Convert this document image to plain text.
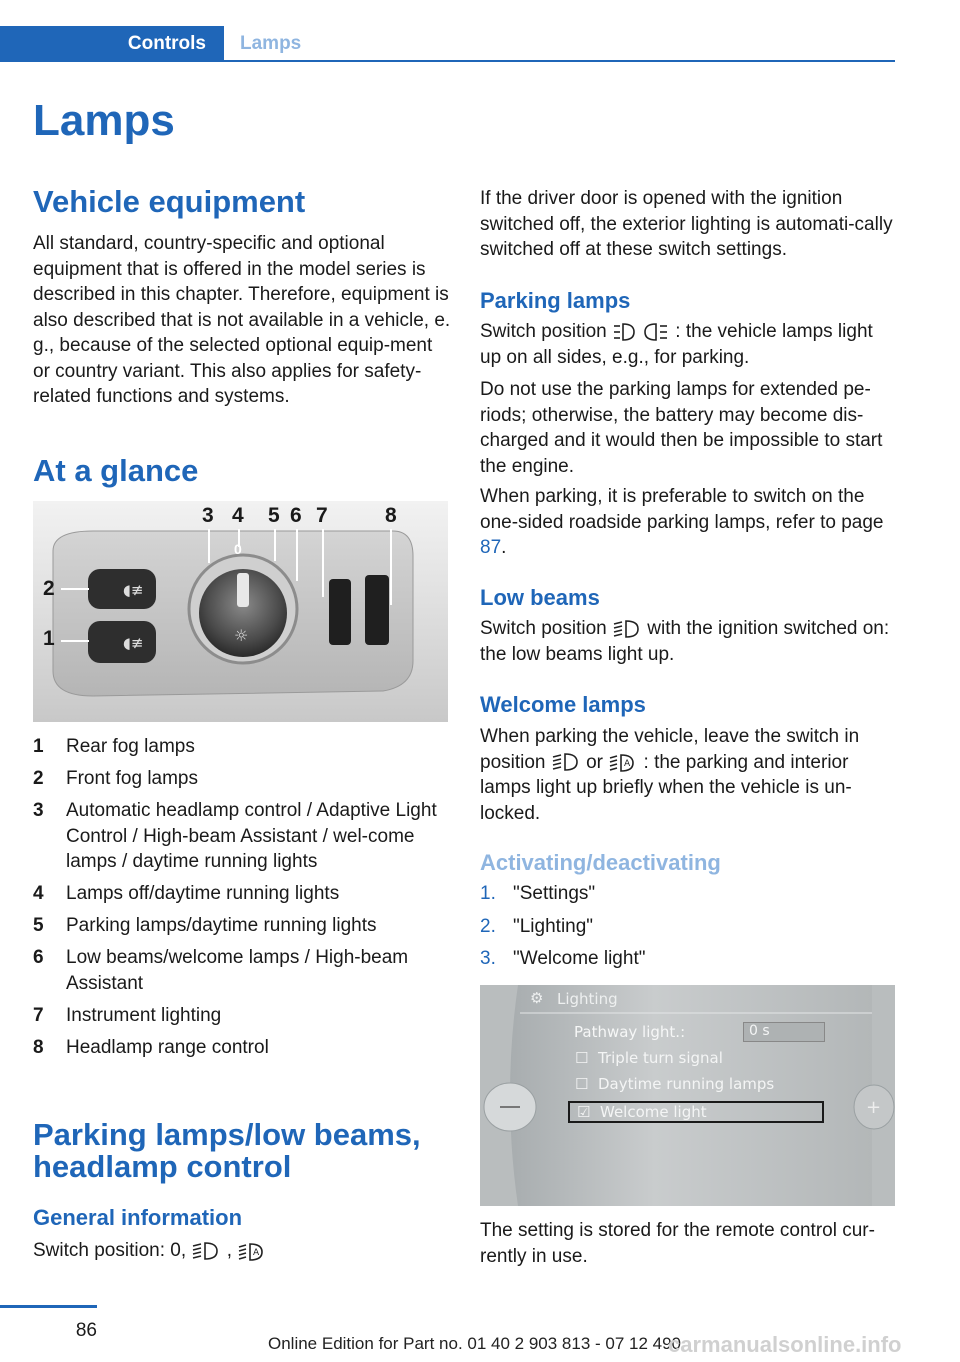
Controls	Lamps
Lamps
Vehicle equipment

All standard, country-specific and optional equipment that is offered in the model series is described in this chapter. Therefore, equipment is also described that is not available in a vehicle, e. g., because of the selected optional equip-ment or country variant. This also applies for safety-related functions and systems.

At a glance
◖≢
◖≢	☼
3 4 5 6 7	8
2
1
0
1 Rear fog lamps
2 Front fog lamps
3 Automatic headlamp control / Adaptive Light Control / High-beam Assistant / wel-come lamps / daytime running lights
4 Lamps off/daytime running lights
5 Parking lamps/daytime running lights
6 Low beams/welcome lamps / High-beam Assistant
7 Instrument lighting
8 Headlamp range control
Parking lamps/low beams, headlamp control
General information

Switch position: 0, , A

If the driver door is opened with the ignition switched off, the exterior lighting is automati-cally switched off at these switch settings.

Parking lamps

Switch position	: the vehicle lamps light up on all sides, e.g., for parking.

Do not use the parking lamps for extended pe-riods; otherwise, the battery may become dis-charged and it would then be impossible to start the engine.

When parking, it is preferable to switch on the one-sided roadside parking lamps, refer to page 87.

Low beams

Switch position with the ignition switched on: the low beams light up.

Welcome lamps

When parking the vehicle, leave the switch in position or A : the parking and interior lamps light up briefly when the vehicle is un-locked.

Activating/deactivating
1. "Settings"
2. "Lighting"
3. "Welcome light"
+
⚙ Lighting
Pathway light.:	0 s
☐ Triple turn signal
☐ Daytime running lamps
☑ Welcome light

The setting is stored for the remote control cur-rently in use.

86
Online Edition for Part no. 01 40 2 903 813 - 07 12 490
carmanualsonline.info
